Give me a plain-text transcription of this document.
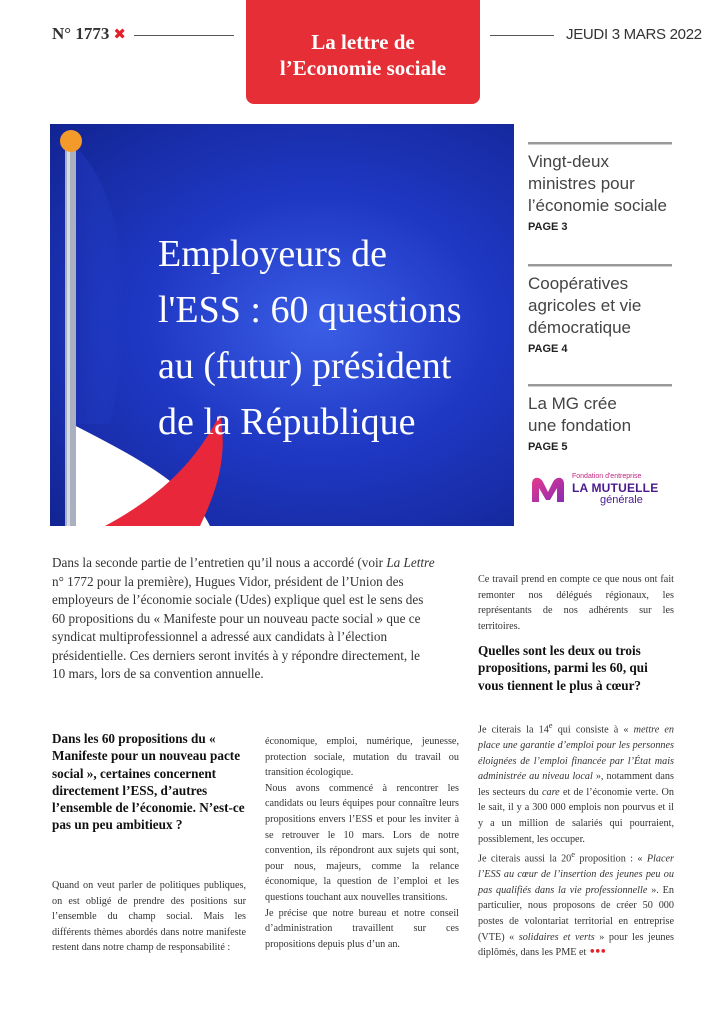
N° 1773 ✖	La lettre de
l’Economie sociale
JEUDI 3 MARS 2022
Employeurs de
l'ESS : 60 questions
au (futur) président
de la République
Vingt-deux
ministres pour
l’économie sociale
PAGE 3
Coopératives
agricoles et vie
démocratique
PAGE 4
La MG crée
une fondation
PAGE 5
Fondation d'entreprise
LA MUTUELLE
générale
Dans la seconde partie de l’entretien qu’il nous a accordé (voir La Lettre n° 1772 pour la première), Hugues Vidor, président de l’Union des employeurs de l’économie sociale (Udes) explique quel est le sens des 60 propositions du « Manifeste pour un nouveau pacte social » que ce syndicat multiprofessionnel a adressé aux candidats à l’élection présidentielle. Ces derniers seront invités à y répondre directement, le 10 mars, lors de sa convention annuelle.
Dans les 60 propositions du « Manifeste pour un nouveau pacte social », certaines concernent directement l’ESS, d’autres l’ensemble de l’économie. N’est-ce pas un peu ambitieux ?

Quand on veut parler de politiques publiques, on est obligé de prendre des positions sur l’ensemble du champ social. Mais les différents thèmes abordés dans notre manifeste restent dans notre champ de responsabilité :

économique, emploi, numérique, jeunesse, protection sociale, mutation du travail ou transition écologique.

Nous avons commencé à rencontrer les candidats ou leurs équipes pour connaître leurs propositions envers l’ESS et pour les inviter à se retrouver le 10 mars. Lors de notre convention, ils répondront aux sujets qui sont, pour nous, majeurs, comme la relance économique, la question de l’emploi et les questions touchant aux nouvelles transitions.

Je précise que notre bureau et notre conseil d’administration travaillent sur ces propositions depuis plus d’un an.

Ce travail prend en compte ce que nous ont fait remonter nos délégués régionaux, les représentants de nos adhérents sur les territoires.

Quelles sont les deux ou trois propositions, parmi les 60, qui vous tiennent le plus à cœur?

Je citerais la 14e qui consiste à « mettre en place une garantie d’emploi pour les personnes éloignées de l’emploi financée par l’État mais administrée au niveau local », notamment dans les secteurs du care et de l’économie verte. On le sait, il y a 300 000 emplois non pourvus et il y a un million de salariés qui pourraient, possiblement, les occuper.

Je citerais aussi la 20e proposition : « Placer l’ESS au cœur de l’insertion des jeunes peu ou pas qualifiés dans la vie professionnelle ». En particulier, nous proposons de créer 50 000 postes de volontariat territorial en entreprise (VTE) « solidaires et verts » pour les jeunes diplômés, dans les PME et •••
